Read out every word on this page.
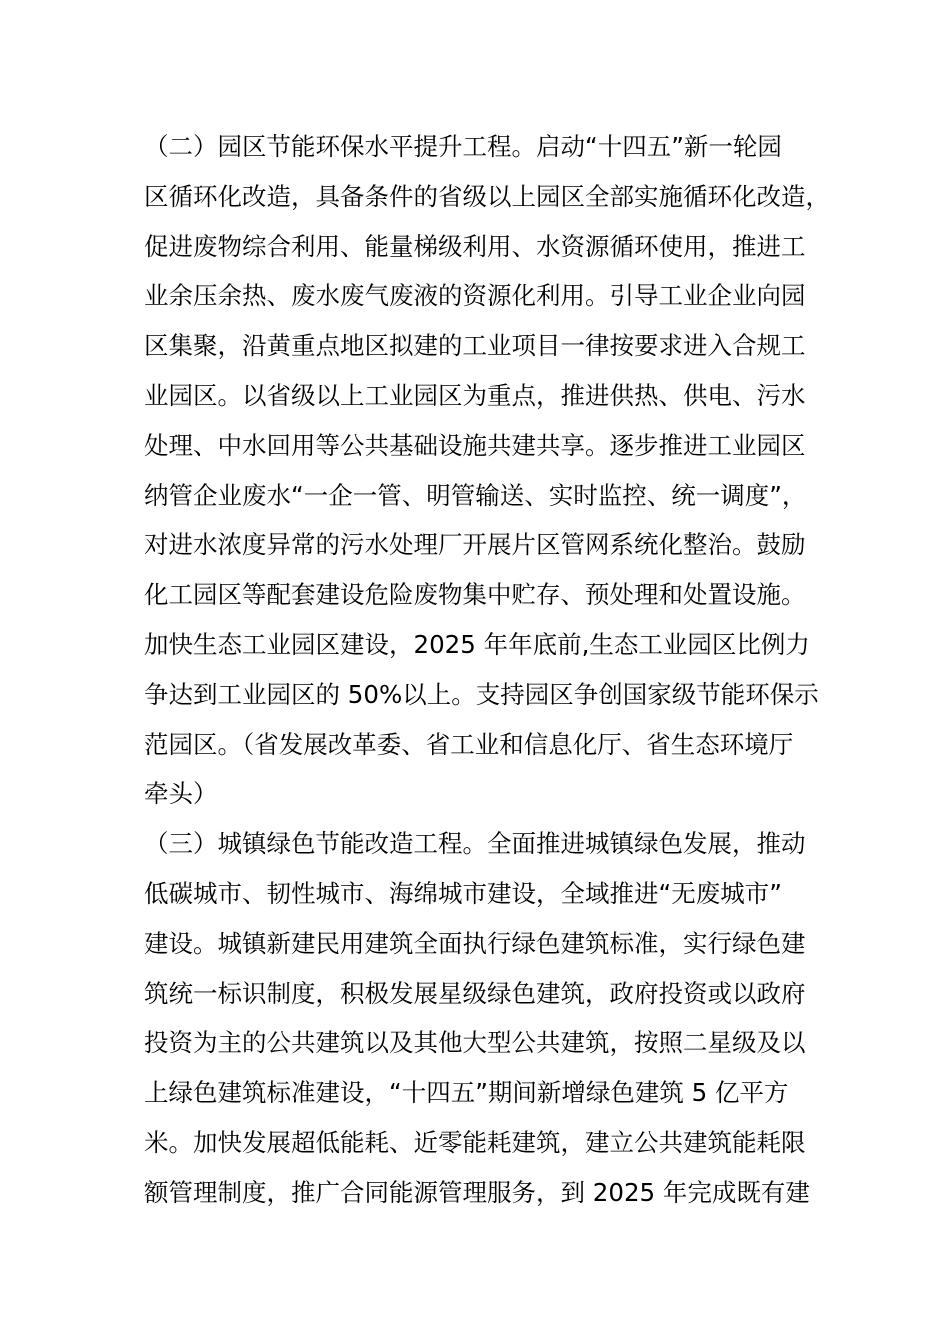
（二）园区节能环保水平提升工程。启动“十四五”新一轮园
区循环化改造，具备条件的省级以上园区全部实施循环化改造，
促进废物综合利用、能量梯级利用、水资源循环使用，推进工
业余压余热、废水废气废液的资源化利用。引导工业企业向园
区集聚，沿黄重点地区拟建的工业项目一律按要求进入合规工
业园区。以省级以上工业园区为重点，推进供热、供电、污水
处理、中水回用等公共基础设施共建共享。逐步推进工业园区
纳管企业废水“一企一管、明管输送、实时监控、统一调度”，
对进水浓度异常的污水处理厂开展片区管网系统化整治。鼓励
化工园区等配套建设危险废物集中贮存、预处理和处置设施。
加快生态工业园区建设，2025 年年底前,生态工业园区比例力
争达到工业园区的 50%以上。支持园区争创国家级节能环保示
范园区。（省发展改革委、省工业和信息化厅、省生态环境厅
牵头）
（三）城镇绿色节能改造工程。全面推进城镇绿色发展，推动
低碳城市、韧性城市、海绵城市建设，全域推进“无废城市”
建设。城镇新建民用建筑全面执行绿色建筑标准，实行绿色建
筑统一标识制度，积极发展星级绿色建筑，政府投资或以政府
投资为主的公共建筑以及其他大型公共建筑，按照二星级及以
上绿色建筑标准建设，“十四五”期间新增绿色建筑 5 亿平方
米。加快发展超低能耗、近零能耗建筑，建立公共建筑能耗限
额管理制度，推广合同能源管理服务，到 2025 年完成既有建
